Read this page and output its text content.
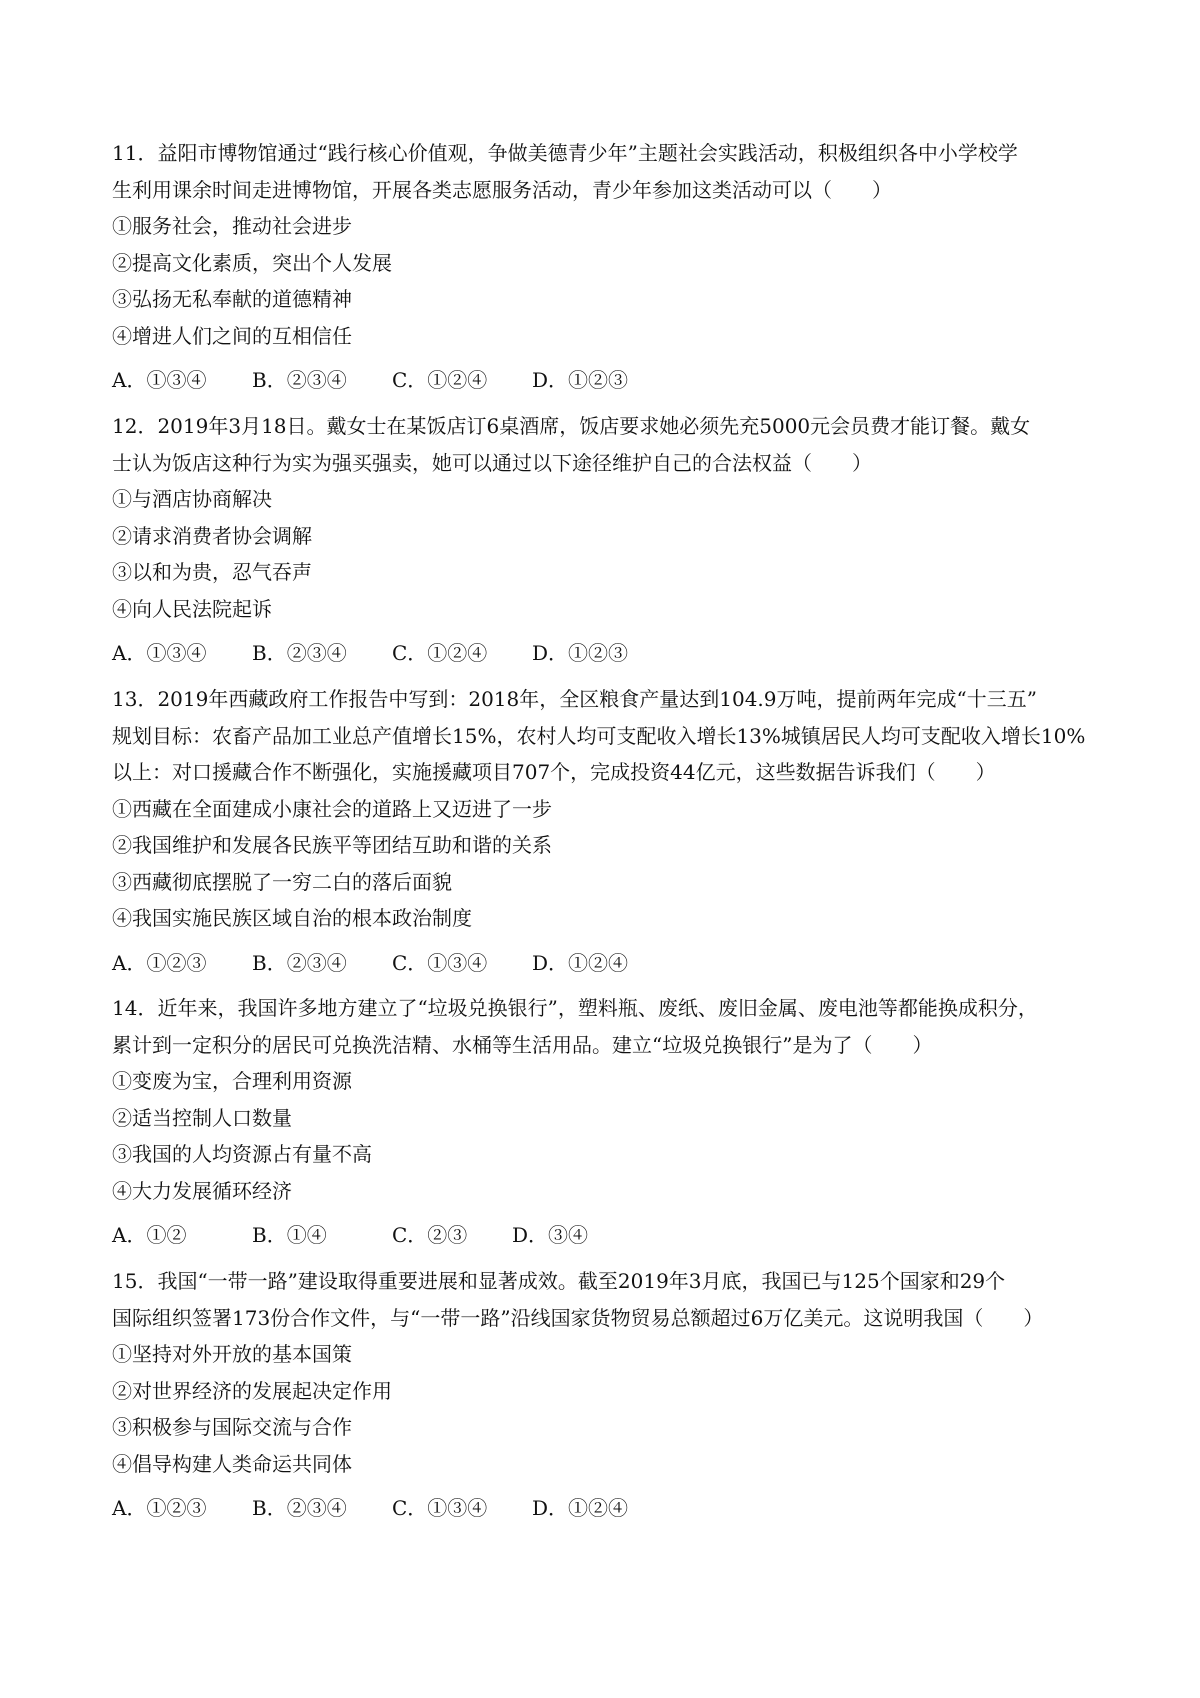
11．益阳市博物馆通过“践行核心价值观，争做美德青少年”主题社会实践活动，积极组织各中小学校学
生利用课余时间走进博物馆，开展各类志愿服务活动，青少年参加这类活动可以（　　）
①服务社会，推动社会进步
②提高文化素质，突出个人发展
③弘扬无私奉献的道德精神
④增进人们之间的互相信任
A．①③④ B．②③④ C．①②④ D．①②③
12．2019年3月18日。戴女士在某饭店订6桌酒席，饭店要求她必须先充5000元会员费才能订餐。戴女
士认为饭店这种行为实为强买强卖，她可以通过以下途径维护自己的合法权益（　　）
①与酒店协商解决
②请求消费者协会调解
③以和为贵，忍气吞声
④向人民法院起诉
A．①③④ B．②③④ C．①②④ D．①②③
13．2019年西藏政府工作报告中写到：2018年，全区粮食产量达到104.9万吨，提前两年完成“十三五”
规划目标：农畜产品加工业总产值增长15%，农村人均可支配收入增长13%城镇居民人均可支配收入增长10%
以上：对口援藏合作不断强化，实施援藏项目707个，完成投资44亿元，这些数据告诉我们（　　）
①西藏在全面建成小康社会的道路上又迈进了一步
②我国维护和发展各民族平等团结互助和谐的关系
③西藏彻底摆脱了一穷二白的落后面貌
④我国实施民族区域自治的根本政治制度
A．①②③ B．②③④ C．①③④ D．①②④
14．近年来，我国许多地方建立了“垃圾兑换银行”，塑料瓶、废纸、废旧金属、废电池等都能换成积分，
累计到一定积分的居民可兑换洗洁精、水桶等生活用品。建立“垃圾兑换银行”是为了（　　）
①变废为宝，合理利用资源
②适当控制人口数量
③我国的人均资源占有量不高
④大力发展循环经济
A．①②	B．①④	C．②③ D．③④
15．我国“一带一路”建设取得重要进展和显著成效。截至2019年3月底，我国已与125个国家和29个
国际组织签署173份合作文件，与“一带一路”沿线国家货物贸易总额超过6万亿美元。这说明我国（　　）
①坚持对外开放的基本国策
②对世界经济的发展起决定作用
③积极参与国际交流与合作
④倡导构建人类命运共同体
A．①②③ B．②③④ C．①③④ D．①②④
